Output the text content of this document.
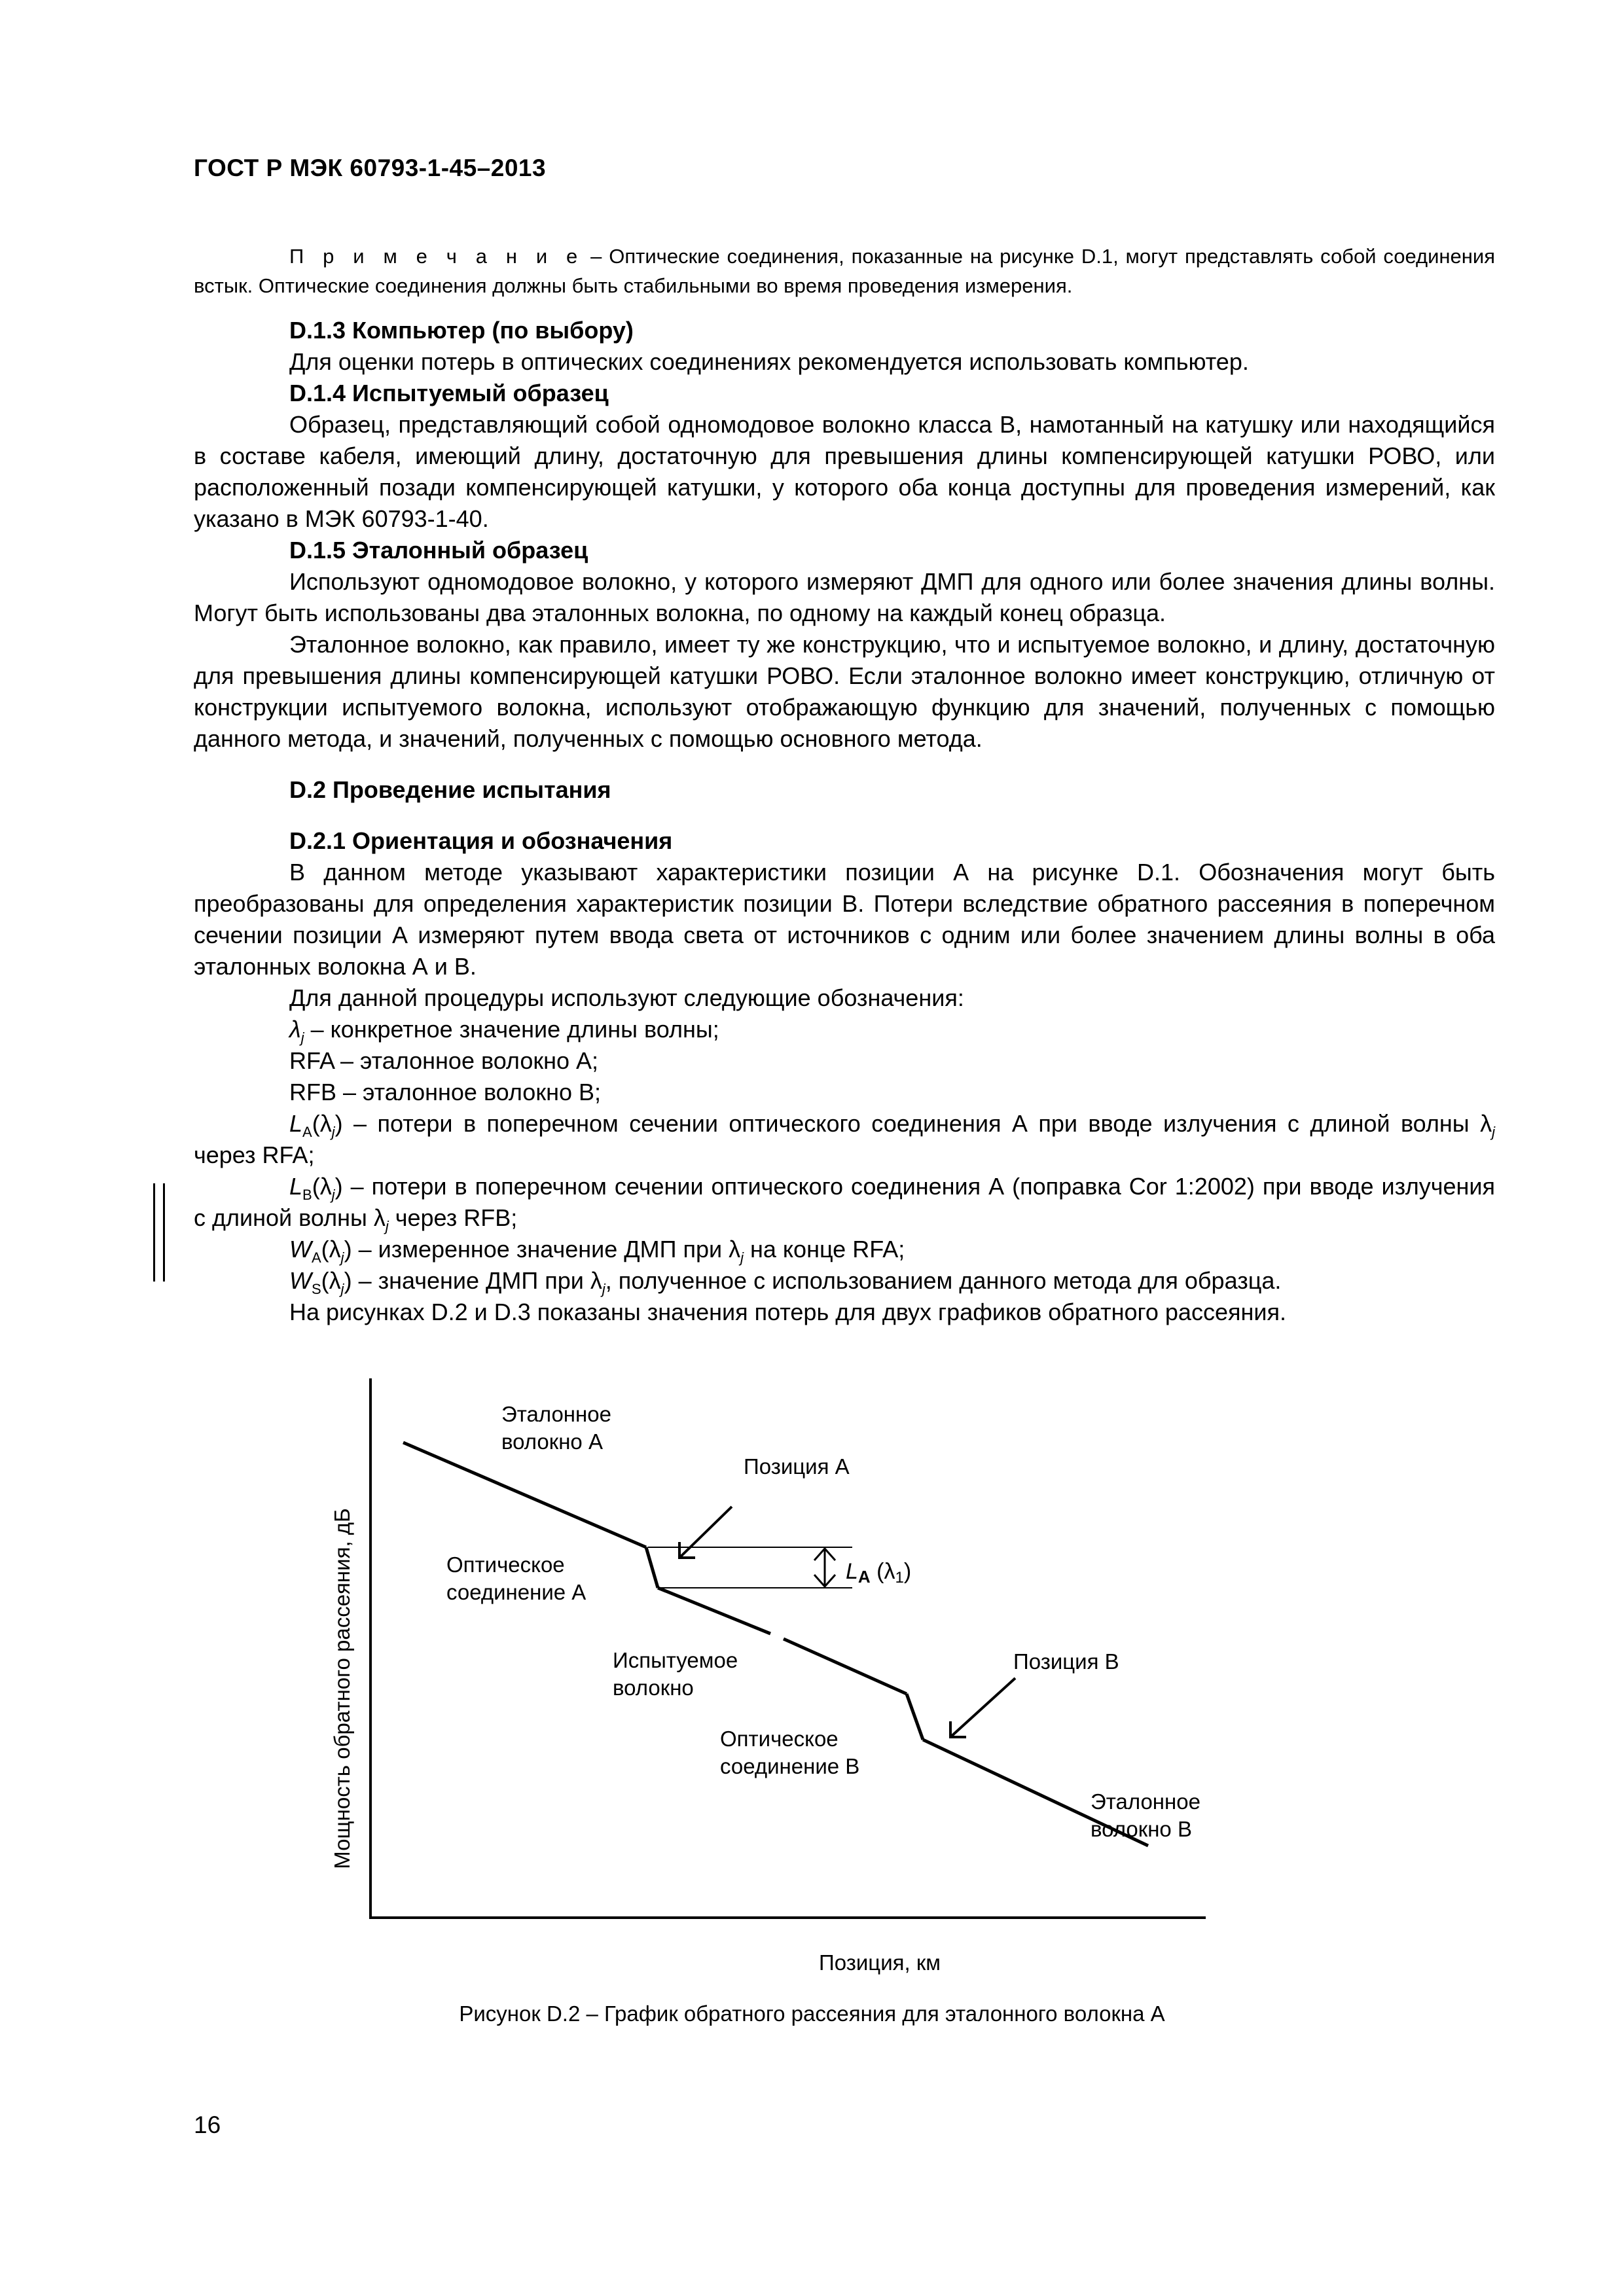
ГОСТ Р МЭК 60793-1-45–2013

П р и м е ч а н и е – Оптические соединения, показанные на рисунке D.1, могут представлять собой соединения встык. Оптические соединения должны быть стабильными во время проведения измерения.

D.1.3 Компьютер (по выбору)

Для оценки потерь в оптических соединениях рекомендуется использовать компьютер.

D.1.4 Испытуемый образец

Образец, представляющий собой одномодовое волокно класса В, намотанный на катушку или находящийся в составе кабеля, имеющий длину, достаточную для превышения длины компенсирующей катушки РОВО, или расположенный позади компенсирующей катушки, у которого оба конца доступны для проведения измерений, как указано в МЭК 60793-1-40.

D.1.5 Эталонный образец

Используют одномодовое волокно, у которого измеряют ДМП для одного или более значения длины волны. Могут быть использованы два эталонных волокна, по одному на каждый конец образца.

Эталонное волокно, как правило, имеет ту же конструкцию, что и испытуемое волокно, и длину, достаточную для превышения длины компенсирующей катушки РОВО. Если эталонное волокно имеет конструкцию, отличную от конструкции испытуемого волокна, используют отображающую функцию для значений, полученных с помощью данного метода, и значений, полученных с помощью основного метода.

D.2 Проведение испытания

D.2.1 Ориентация и обозначения

В данном методе указывают характеристики позиции А на рисунке D.1. Обозначения могут быть преобразованы для определения характеристик позиции В. Потери вследствие обратного рассеяния в поперечном сечении позиции А измеряют путем ввода света от источников с одним или более значением длины волны в оба эталонных волокна А и В.

Для данной процедуры используют следующие обозначения:

$\lambda_j$ – конкретное значение длины волны;

RFA – эталонное волокно А;

RFB – эталонное волокно В;

$L_A(\lambda_j)$ – потери в поперечном сечении оптического соединения А при вводе излучения с длиной волны $\lambda_j$ через RFA;

$L_B(\lambda_j)$ – потери в поперечном сечении оптического соединения А (поправка Cor 1:2002) при вводе излучения с длиной волны $\lambda_j$ через RFB;

$W_A(\lambda_j)$ – измеренное значение ДМП при $\lambda_j$ на конце RFA;

$W_S(\lambda_j)$ – значение ДМП при $\lambda_j$, полученное с использованием данного метода для образца.

На рисунках D.2 и D.3 показаны значения потерь для двух графиков обратного рассеяния.

Эталонное
волокно А
Позиция А
Оптическое
соединение А
LA (λ1)
Испытуемое
волокно
Позиция В
Оптическое
соединение В
Эталонное
волокно В
Позиция, км
Мощность обратного рассеяния, дБ
Рисунок D.2 – График обратного рассеяния для эталонного волокна А
16
